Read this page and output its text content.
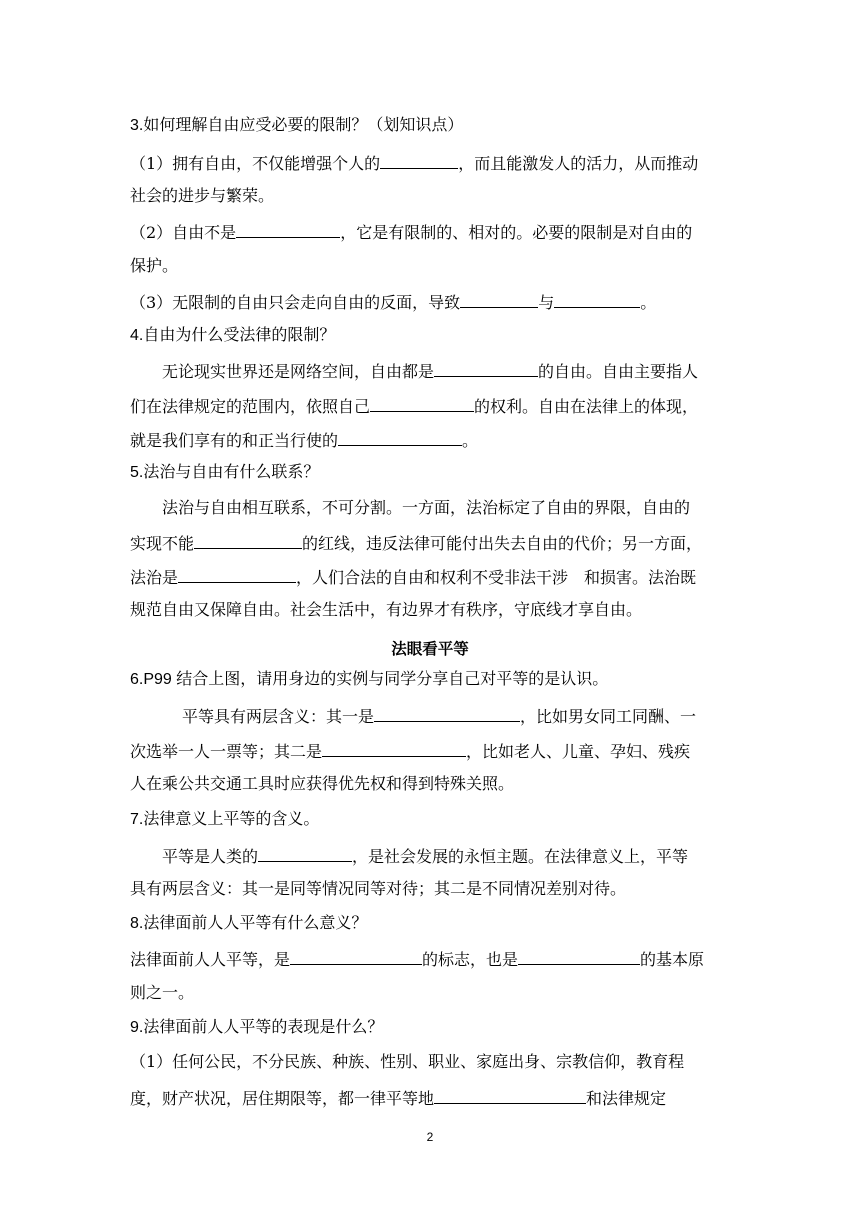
3.如何理解自由应受必要的限制？（划知识点）
（1）拥有自由，不仅能增强个人的	，而且能激发人的活力，从而推动
社会的进步与繁荣。
（2）自由不是	，它是有限制的、相对的。必要的限制是对自由的
保护。
（3）无限制的自由只会走向自由的反面，导致	与	。
4.自由为什么受法律的限制？
无论现实世界还是网络空间，自由都是	的自由。自由主要指人
们在法律规定的范围内，依照自己	的权利。自由在法律上的体现，
就是我们享有的和正当行使的	。
5.法治与自由有什么联系？
法治与自由相互联系，不可分割。一方面，法治标定了自由的界限，自由的
实现不能	的红线，违反法律可能付出失去自由的代价；另一方面，
法治是	，人们合法的自由和权利不受非法干涉　和损害。法治既
规范自由又保障自由。社会生活中，有边界才有秩序，守底线才享自由。
法眼看平等
6.P99 结合上图，请用身边的实例与同学分享自己对平等的是认识。
平等具有两层含义：其一是	，比如男女同工同酬、一
次选举一人一票等；其二是	，比如老人、儿童、孕妇、残疾
人在乘公共交通工具时应获得优先权和得到特殊关照。
7.法律意义上平等的含义。
平等是人类的	，是社会发展的永恒主题。在法律意义上，平等
具有两层含义：其一是同等情况同等对待；其二是不同情况差别对待。
8.法律面前人人平等有什么意义？
法律面前人人平等，是	的标志，也是	的基本原
则之一。
9.法律面前人人平等的表现是什么？
（1）任何公民，不分民族、种族、性别、职业、家庭出身、宗教信仰，教育程
度，财产状况，居住期限等，都一律平等地	和法律规定
2
